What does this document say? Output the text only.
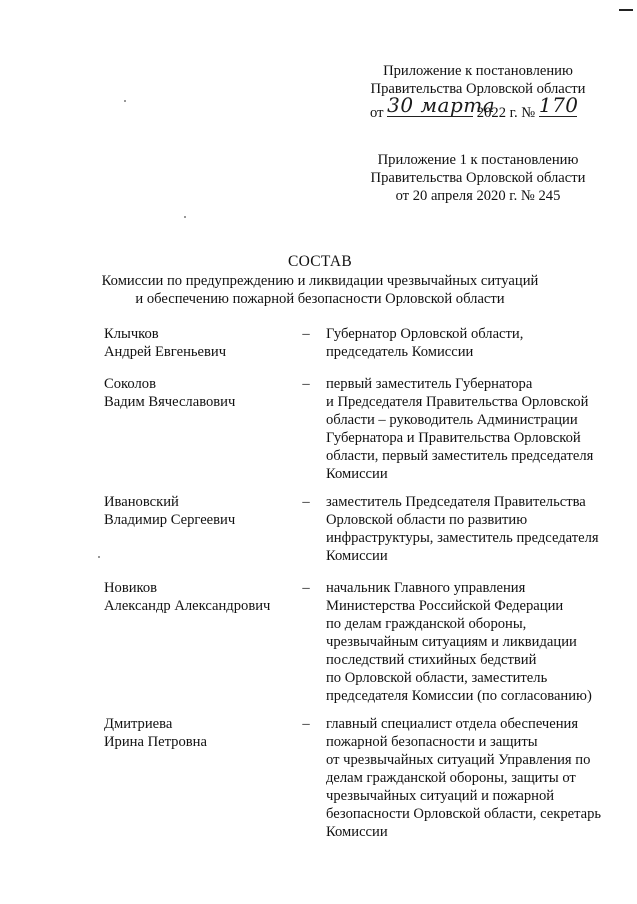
Приложение к постановлению
Правительства Орловской области
от 30 марта
2022 г. № 170
Приложение 1 к постановлению
Правительства Орловской области
от 20 апреля 2020 г. № 245
СОСТАВ
Комиссии по предупреждению и ликвидации чрезвычайных ситуаций
и обеспечению пожарной безопасности Орловской области
Клычков
Андрей Евгеньевич
– Губернатор Орловской области,
председатель Комиссии
Соколов
Вадим Вячеславович
– первый заместитель Губернатора
и Председателя Правительства Орловской
области – руководитель Администрации
Губернатора и Правительства Орловской
области, первый заместитель председателя
Комиссии
Ивановский
Владимир Сергеевич
– заместитель Председателя Правительства
Орловской области по развитию
инфраструктуры, заместитель председателя
Комиссии
Новиков
Александр Александрович
– начальник Главного управления
Министерства Российской Федерации
по делам гражданской обороны,
чрезвычайным ситуациям и ликвидации
последствий стихийных бедствий
по Орловской области, заместитель
председателя Комиссии (по согласованию)
Дмитриева
Ирина Петровна
– главный специалист отдела обеспечения
пожарной безопасности и защиты
от чрезвычайных ситуаций Управления по
делам гражданской обороны, защиты от
чрезвычайных ситуаций и пожарной
безопасности Орловской области, секретарь
Комиссии
